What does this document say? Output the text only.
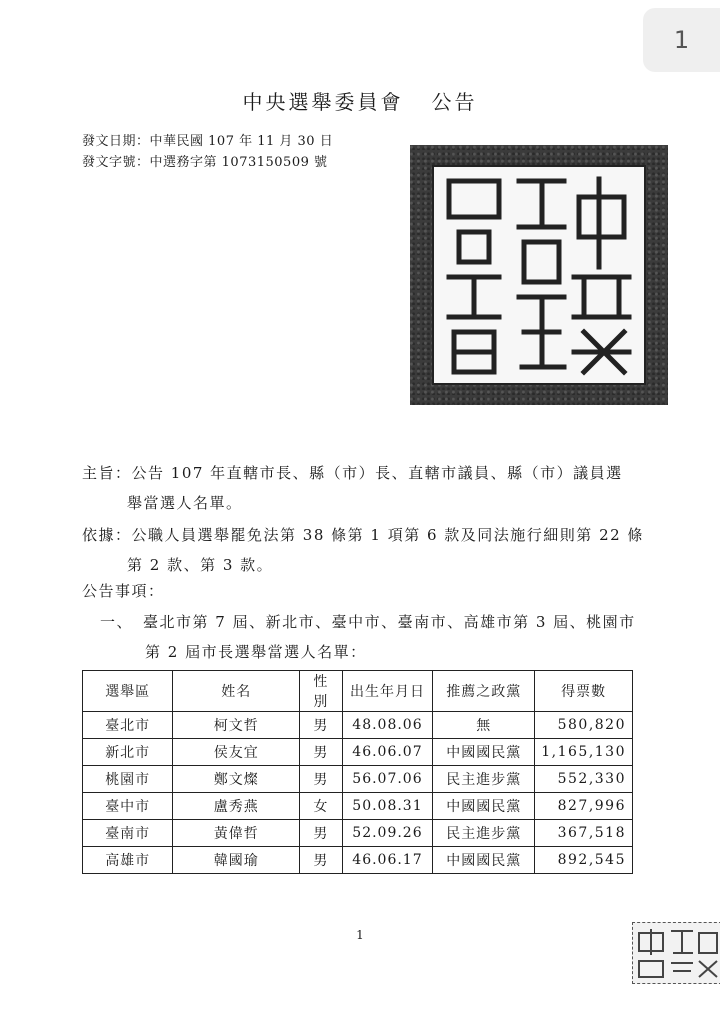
1
中央選舉委員會 公告
發文日期：中華民國 107 年 11 月 30 日
發文字號：中選務字第 1073150509 號
主旨：公告 107 年直轄市長、縣（市）長、直轄市議員、縣（市）議員選
舉當選人名單。
依據：公職人員選舉罷免法第 38 條第 1 項第 6 款及同法施行細則第 22 條
第 2 款、第 3 款。
公告事項：
一、 臺北市第 7 屆、新北市、臺中市、臺南市、高雄市第 3 屆、桃園市
第 2 屆市長選舉當選人名單：
選舉區	姓名	性別	出生年月日	推薦之政黨	得票數
臺北市	柯文哲	男	48.08.06	無	580,820
新北市	侯友宜	男	46.06.07	中國國民黨	1,165,130
桃園市	鄭文燦	男	56.07.06	民主進步黨	552,330
臺中市	盧秀燕	女	50.08.31	中國國民黨	827,996
臺南市	黃偉哲	男	52.09.26	民主進步黨	367,518
高雄市	韓國瑜	男	46.06.17	中國國民黨	892,545
1
